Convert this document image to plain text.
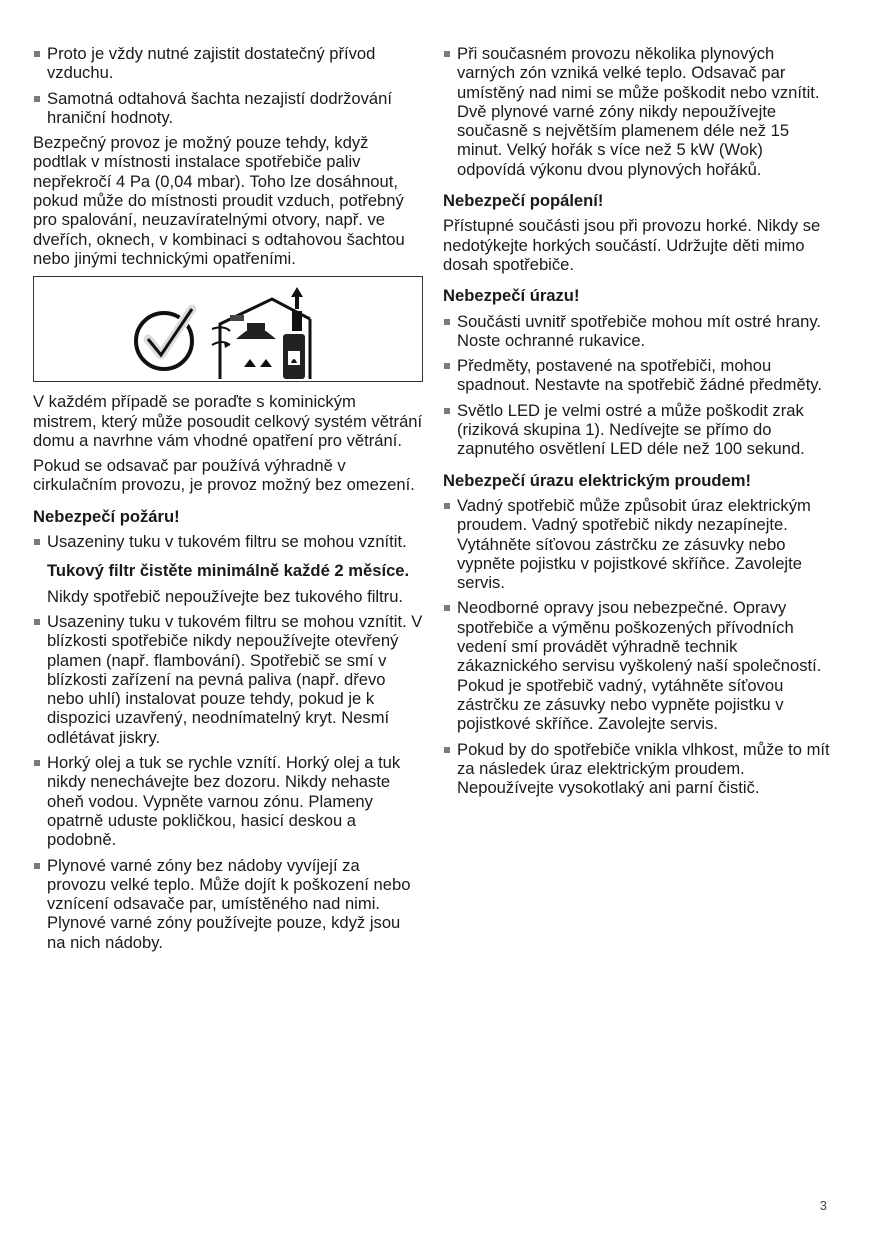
Proto je vždy nutné zajistit dostatečný přívod vzduchu.
Samotná odtahová šachta nezajistí dodržování hraniční hodnoty.

Bezpečný provoz je možný pouze tehdy, když podtlak v místnosti instalace spotřebiče paliv nepřekročí 4 Pa (0,04 mbar). Toho lze dosáhnout, pokud může do místnosti proudit vzduch, potřebný pro spalování, neuzavíratelnými otvory, např. ve dveřích, oknech, v kombinaci s odtahovou šachtou nebo jinými technickými opatřeními.

V každém případě se poraďte s kominickým mistrem, který může posoudit celkový systém větrání domu a navrhne vám vhodné opatření pro větrání.

Pokud se odsavač par používá výhradně v cirkulačním provozu, je provoz možný bez omezení.

Nebezpečí požáru!
Usazeniny tuku v tukovém filtru se mohou vznítit.
Tukový filtr čistěte minimálně každé 2 měsíce.
Nikdy spotřebič nepoužívejte bez tukového filtru.
Usazeniny tuku v tukovém filtru se mohou vznítit. V blízkosti spotřebiče nikdy nepoužívejte otevřený plamen (např. flambování). Spotřebič se smí v blízkosti zařízení na pevná paliva (např. dřevo nebo uhlí) instalovat pouze tehdy, pokud je k dispozici uzavřený, neodnímatelný kryt. Nesmí odlétávat jiskry.
Horký olej a tuk se rychle vznítí. Horký olej a tuk nikdy nenechávejte bez dozoru. Nikdy nehaste oheň vodou. Vypněte varnou zónu. Plameny opatrně uduste pokličkou, hasicí deskou a podobně.
Plynové varné zóny bez nádoby vyvíjejí za provozu velké teplo. Může dojít k poškození nebo vznícení odsavače par, umístěného nad nimi. Plynové varné zóny používejte pouze, když jsou na nich nádoby.
Při současném provozu několika plynových varných zón vzniká velké teplo. Odsavač par umístěný nad nimi se může poškodit nebo vznítit. Dvě plynové varné zóny nikdy nepoužívejte současně s největším plamenem déle než 15 minut. Velký hořák s více než 5 kW (Wok) odpovídá výkonu dvou plynových hořáků.
Nebezpečí popálení!

Přístupné součásti jsou při provozu horké. Nikdy se nedotýkejte horkých součástí. Udržujte děti mimo dosah spotřebiče.

Nebezpečí úrazu!
Součásti uvnitř spotřebiče mohou mít ostré hrany. Noste ochranné rukavice.
Předměty, postavené na spotřebiči, mohou spadnout. Nestavte na spotřebič žádné předměty.
Světlo LED je velmi ostré a může poškodit zrak (riziková skupina 1). Nedívejte se přímo do zapnutého osvětlení LED déle než 100 sekund.
Nebezpečí úrazu elektrickým proudem!
Vadný spotřebič může způsobit úraz elektrickým proudem. Vadný spotřebič nikdy nezapínejte. Vytáhněte síťovou zástrčku ze zásuvky nebo vypněte pojistku v pojistkové skříňce. Zavolejte servis.
Neodborné opravy jsou nebezpečné. Opravy spotřebiče a výměnu poškozených přívodních vedení smí provádět výhradně technik zákaznického servisu vyškolený naší společností. Pokud je spotřebič vadný, vytáhněte síťovou zástrčku ze zásuvky nebo vypněte pojistku v pojistkové skříňce. Zavolejte servis.
Pokud by do spotřebiče vnikla vlhkost, může to mít za následek úraz elektrickým proudem. Nepoužívejte vysokotlaký ani parní čistič.
3
